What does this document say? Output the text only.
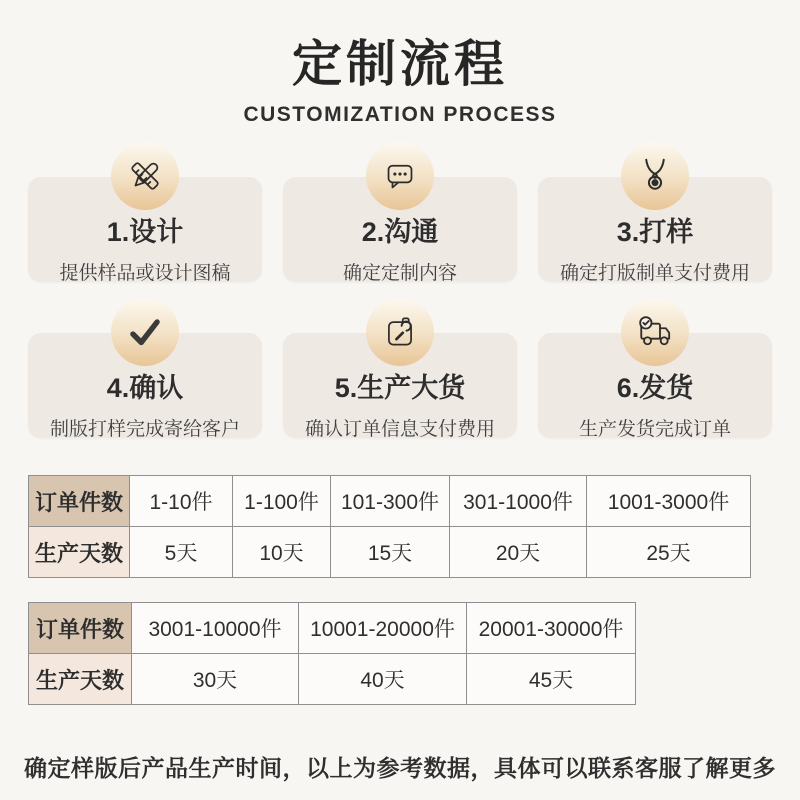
定制流程
CUSTOMIZATION PROCESS
1.设计
提供样品或设计图稿
2.沟通
确定定制内容
3.打样
确定打版制单支付费用
4.确认
制版打样完成寄给客户
5.生产大货
确认订单信息支付费用
6.发货
生产发货完成订单
订单件数	1-10件	1-100件	101-300件	301-1000件	1001-3000件
生产天数	5天	10天	15天	20天	25天
订单件数	3001-10000件	10001-20000件	20001-30000件
生产天数	30天	40天	45天

确定样版后产品生产时间，以上为参考数据，具体可以联系客服了解更多
